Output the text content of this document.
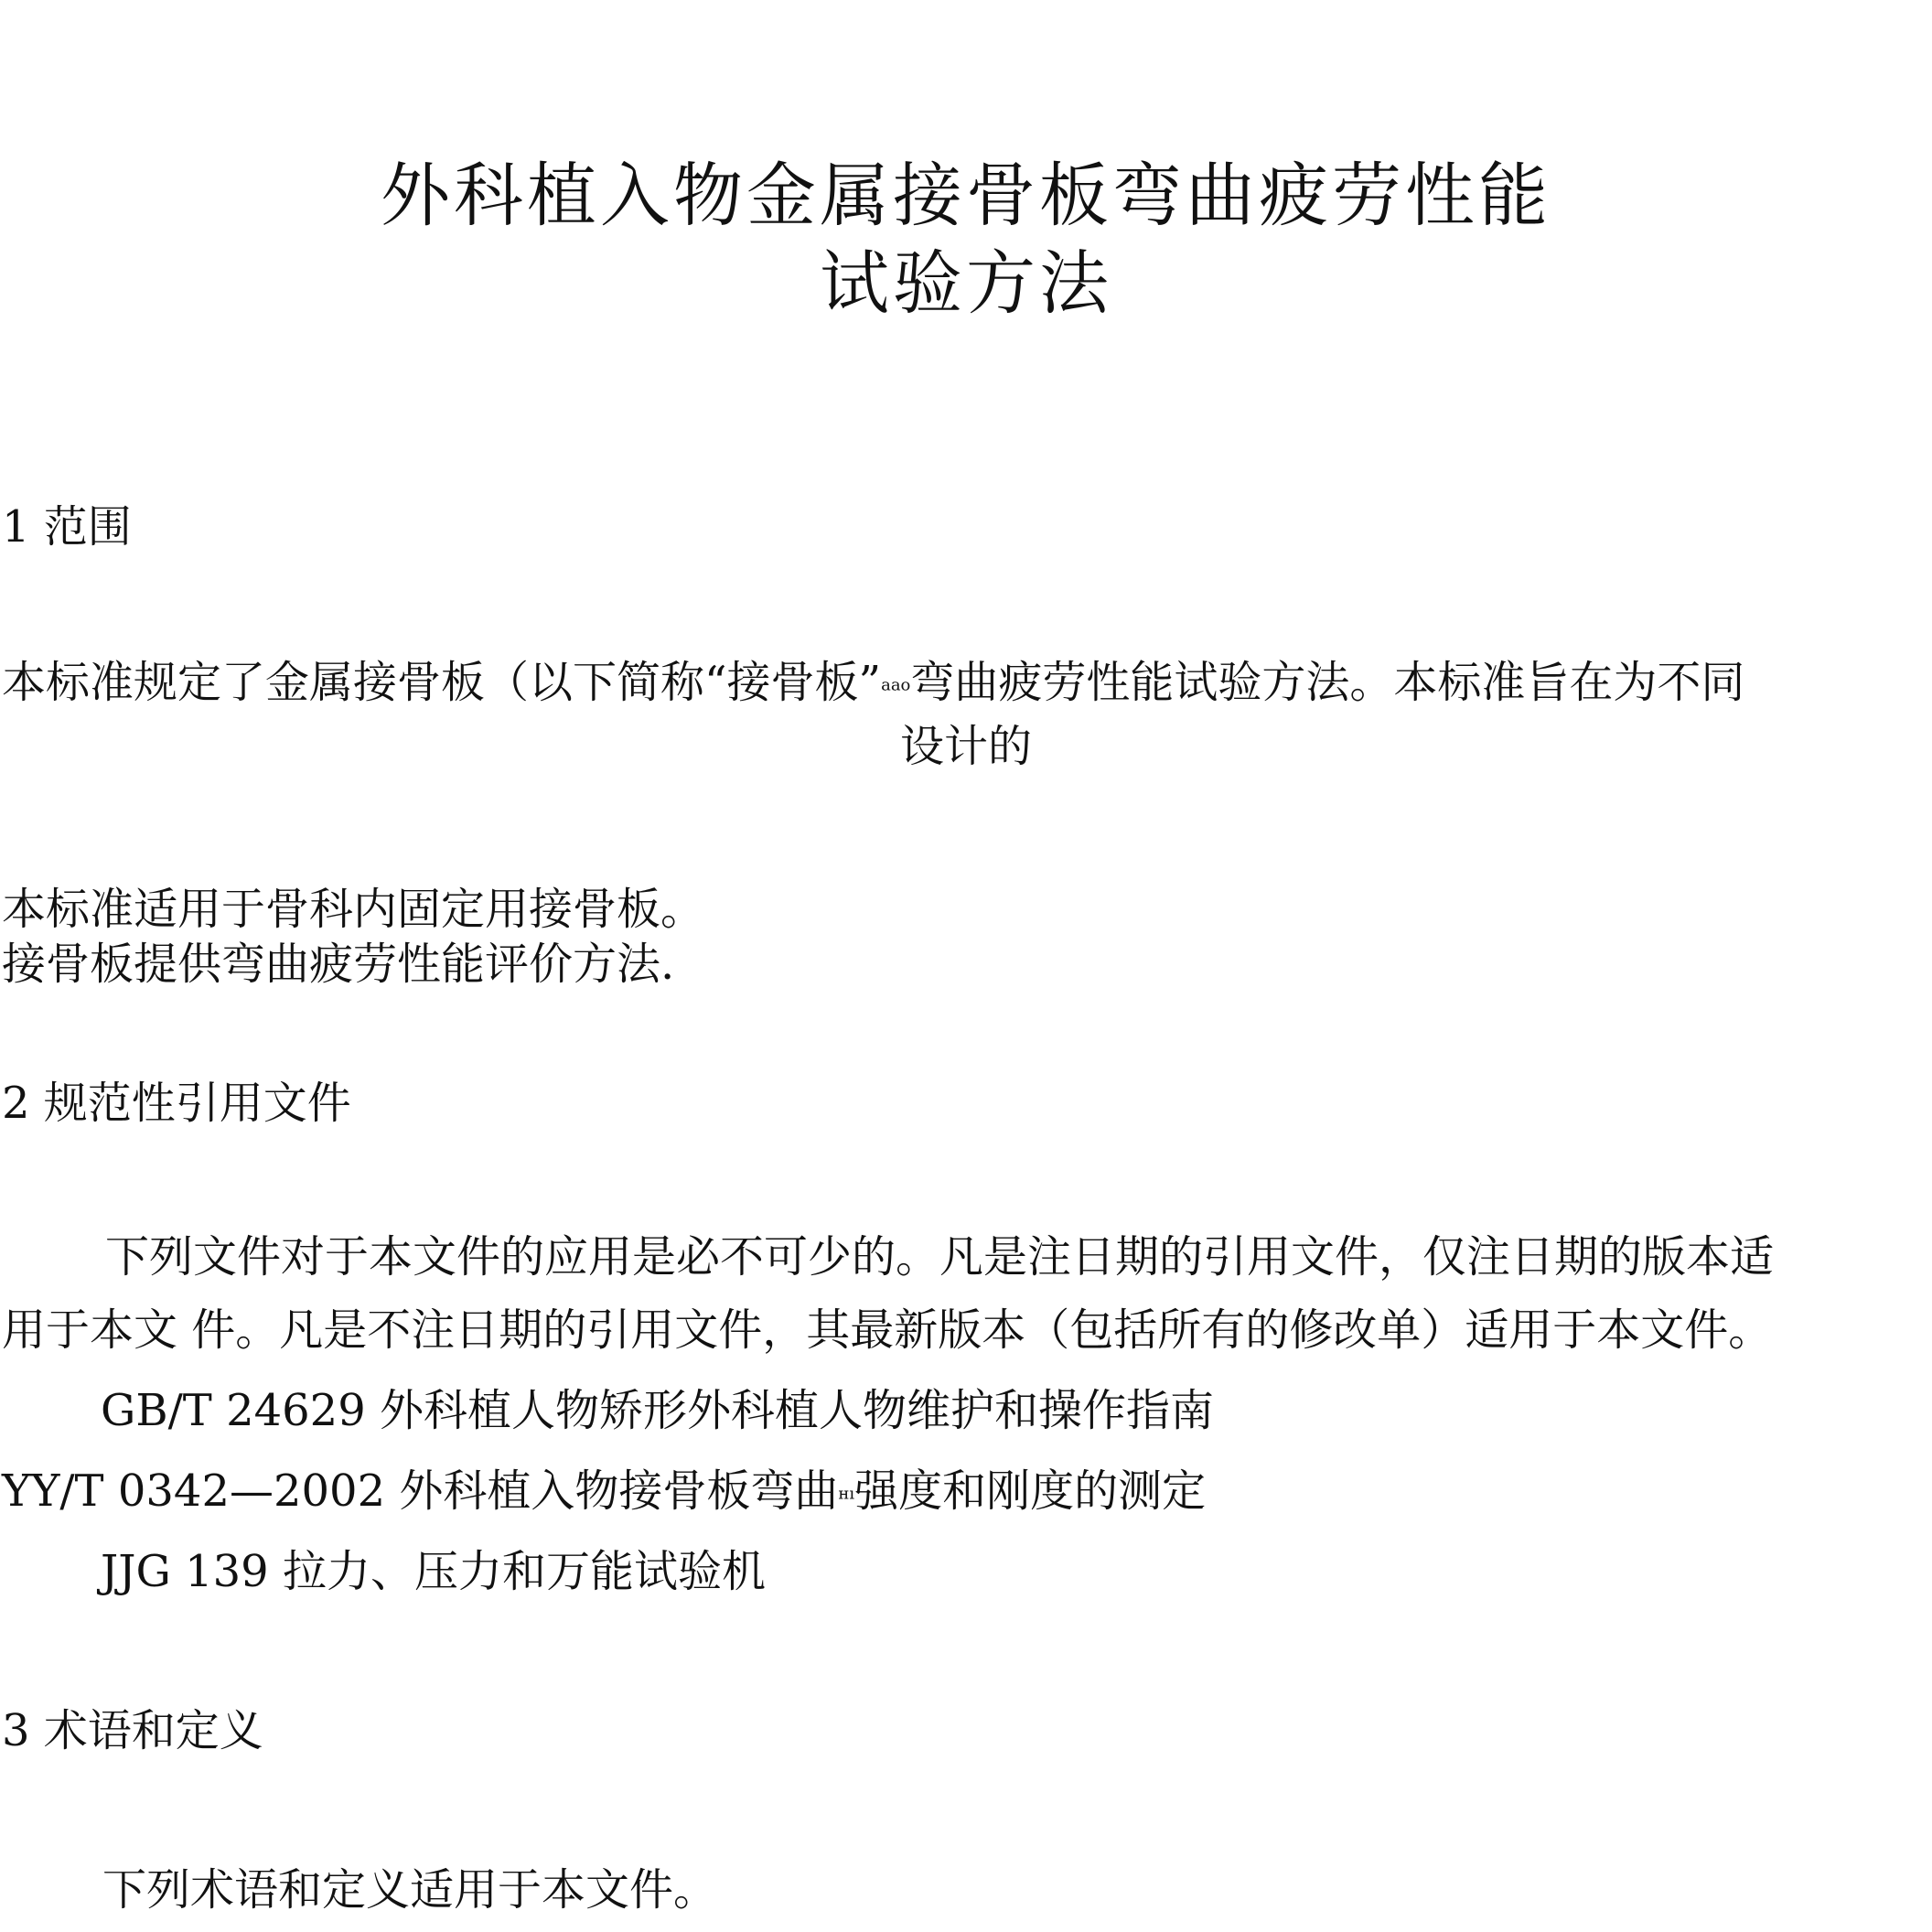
外科植入物金属接骨板弯曲疲劳性能
试验方法
1 范围
本标准规定了金属接骨板（以下简称“接骨板”aao弯曲疲劳性能试验方法。本标准旨在为不同
设计的
本标准适用于骨科内固定用接骨板。
接骨板提供弯曲疲劳性能评价方法.
2 规范性引用文件
下列文件对于本文件的应用是必不可少的。凡是注日期的引用文件，仅注日期的版本适
用于本文 件。凡是不注日期的引用文件，其最新版本（包括所有的修改单）适用于本文件。
GB/T 24629 外科植人物矫形外科植人物维护和操作指南
YY/T 0342—2002 外科植入物接骨板弯曲нı强度和刚度的测定
JJG 139 拉力、压力和万能试验机
3 术语和定义
下列术语和定义适用于本文件。
